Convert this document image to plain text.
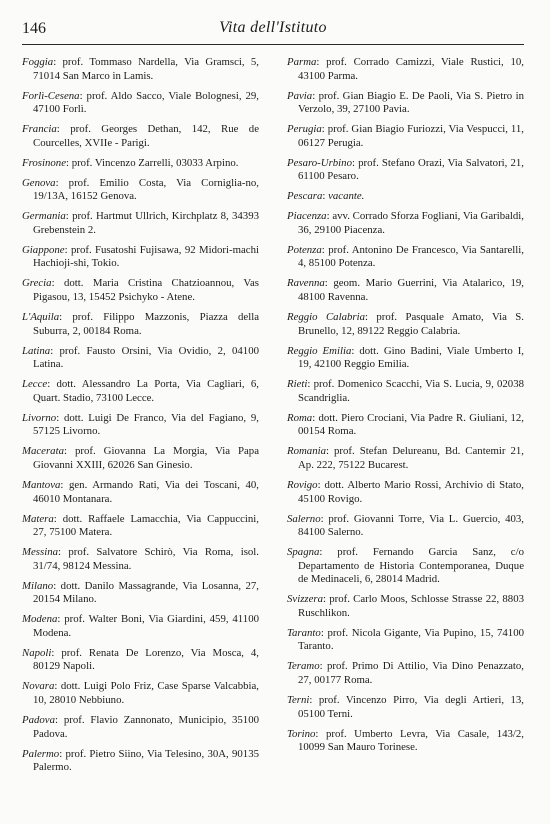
146	Vita dell'Istituto

Foggia: prof. Tommaso Nardella, Via Gramsci, 5, 71014 San Marco in Lamis.

Forlì-Cesena: prof. Aldo Sacco, Viale Bolognesi, 29, 47100 Forlì.

Francia: prof. Georges Dethan, 142, Rue de Courcelles, XVIIe - Parigi.

Frosinone: prof. Vincenzo Zarrelli, 03033 Arpino.

Genova: prof. Emilio Costa, Via Corniglia-no, 19/13A, 16152 Genova.

Germania: prof. Hartmut Ullrich, Kirchplatz 8, 34393 Grebenstein 2.

Giappone: prof. Fusatoshi Fujisawa, 92 Midori-machi Hachioji-shi, Tokio.

Grecia: dott. Maria Cristina Chatzioannou, Vas Pigasou, 13, 15452 Psichyko - Atene.

L'Aquila: prof. Filippo Mazzonis, Piazza della Suburra, 2, 00184 Roma.

Latina: prof. Fausto Orsini, Via Ovidio, 2, 04100 Latina.

Lecce: dott. Alessandro La Porta, Via Cagliari, 6, Quart. Stadio, 73100 Lecce.

Livorno: dott. Luigi De Franco, Via del Fagiano, 9, 57125 Livorno.

Macerata: prof. Giovanna La Morgia, Via Papa Giovanni XXIII, 62026 San Ginesio.

Mantova: gen. Armando Rati, Via dei Toscani, 40, 46010 Montanara.

Matera: dott. Raffaele Lamacchia, Via Cappuccini, 27, 75100 Matera.

Messina: prof. Salvatore Schirò, Via Roma, isol. 31/74, 98124 Messina.

Milano: dott. Danilo Massagrande, Via Losanna, 27, 20154 Milano.

Modena: prof. Walter Boni, Via Giardini, 459, 41100 Modena.

Napoli: prof. Renata De Lorenzo, Via Mosca, 4, 80129 Napoli.

Novara: dott. Luigi Polo Friz, Case Sparse Valcabbia, 10, 28010 Nebbiuno.

Padova: prof. Flavio Zannonato, Municipio, 35100 Padova.

Palermo: prof. Pietro Siino, Via Telesino, 30A, 90135 Palermo.

Parma: prof. Corrado Camizzi, Viale Rustici, 10, 43100 Parma.

Pavia: prof. Gian Biagio E. De Paoli, Via S. Pietro in Verzolo, 39, 27100 Pavia.

Perugia: prof. Gian Biagio Furiozzi, Via Vespucci, 11, 06127 Perugia.

Pesaro-Urbino: prof. Stefano Orazi, Via Salvatori, 21, 61100 Pesaro.

Pescara: vacante.

Piacenza: avv. Corrado Sforza Fogliani, Via Garibaldi, 36, 29100 Piacenza.

Potenza: prof. Antonino De Francesco, Via Santarelli, 4, 85100 Potenza.

Ravenna: geom. Mario Guerrini, Via Atalarico, 19, 48100 Ravenna.

Reggio Calabria: prof. Pasquale Amato, Via S. Brunello, 12, 89122 Reggio Calabria.

Reggio Emilia: dott. Gino Badini, Viale Umberto I, 19, 42100 Reggio Emilia.

Rieti: prof. Domenico Scacchi, Via S. Lucia, 9, 02038 Scandriglia.

Roma: dott. Piero Crociani, Via Padre R. Giuliani, 12, 00154 Roma.

Romania: prof. Stefan Delureanu, Bd. Cantemir 21, Ap. 222, 75122 Bucarest.

Rovigo: dott. Alberto Mario Rossi, Archivio di Stato, 45100 Rovigo.

Salerno: prof. Giovanni Torre, Via L. Guercio, 403, 84100 Salerno.

Spagna: prof. Fernando Garcia Sanz, c/o Departamento de Historia Contemporanea, Duque de Medinaceli, 6, 28014 Madrid.

Svizzera: prof. Carlo Moos, Schlosse Strasse 22, 8803 Ruschlikon.

Taranto: prof. Nicola Gigante, Via Pupino, 15, 74100 Taranto.

Teramo: prof. Primo Di Attilio, Via Dino Penazzato, 27, 00177 Roma.

Terni: prof. Vincenzo Pirro, Via degli Artieri, 13, 05100 Terni.

Torino: prof. Umberto Levra, Via Casale, 143/2, 10099 San Mauro Torinese.
